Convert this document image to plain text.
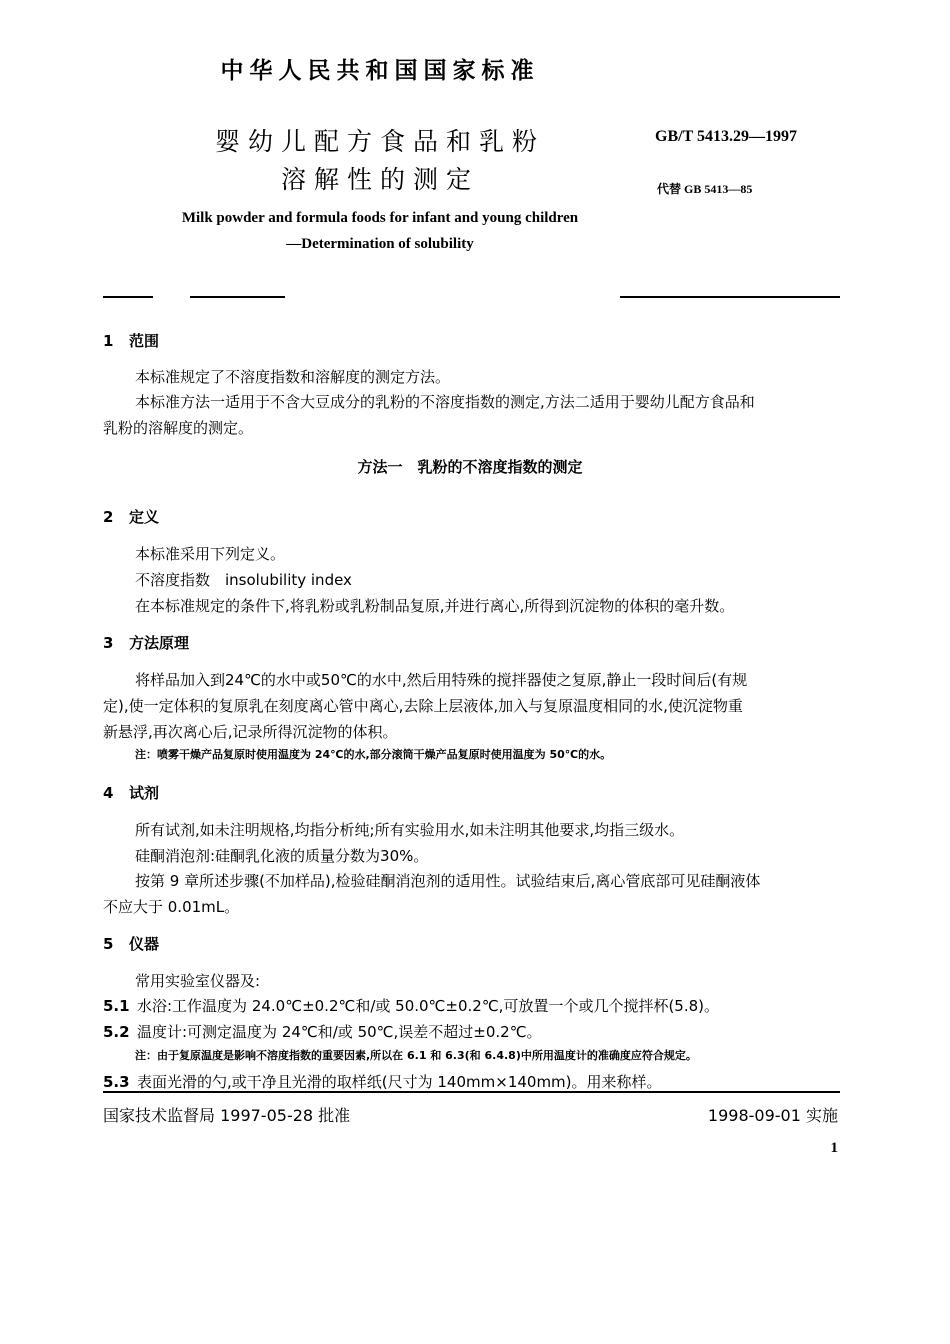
中华人民共和国国家标准
婴幼儿配方食品和乳粉
溶解性的测定
GB/T 5413.29—1997
代替 GB 5413—85
Milk powder and formula foods for infant and young children
—Determination of solubility
1 范围
本标准规定了不溶度指数和溶解度的测定方法。
本标准方法一适用于不含大豆成分的乳粉的不溶度指数的测定,方法二适用于婴幼儿配方食品和
乳粉的溶解度的测定。
方法一　乳粉的不溶度指数的测定
2 定义
本标准采用下列定义。
不溶度指数　insolubility index
在本标准规定的条件下,将乳粉或乳粉制品复原,并进行离心,所得到沉淀物的体积的毫升数。
3 方法原理
将样品加入到24℃的水中或50℃的水中,然后用特殊的搅拌器使之复原,静止一段时间后(有规
定),使一定体积的复原乳在刻度离心管中离心,去除上层液体,加入与复原温度相同的水,使沉淀物重
新悬浮,再次离心后,记录所得沉淀物的体积。
注：喷雾干燥产品复原时使用温度为 24℃的水,部分滚筒干燥产品复原时使用温度为 50℃的水。
4 试剂
所有试剂,如未注明规格,均指分析纯;所有实验用水,如未注明其他要求,均指三级水。
硅酮消泡剂:硅酮乳化液的质量分数为30%。
按第 9 章所述步骤(不加样品),检验硅酮消泡剂的适用性。试验结束后,离心管底部可见硅酮液体
不应大于 0.01mL。
5 仪器
常用实验室仪器及:
5.1 水浴:工作温度为 24.0℃±0.2℃和/或 50.0℃±0.2℃,可放置一个或几个搅拌杯(5.8)。
5.2 温度计:可测定温度为 24℃和/或 50℃,误差不超过±0.2℃。
注：由于复原温度是影响不溶度指数的重要因素,所以在 6.1 和 6.3(和 6.4.8)中所用温度计的准确度应符合规定。
5.3 表面光滑的勺,或干净且光滑的取样纸(尺寸为 140mm×140mm)。用来称样。
国家技术监督局 1997-05-28 批准	1998-09-01 实施
1
